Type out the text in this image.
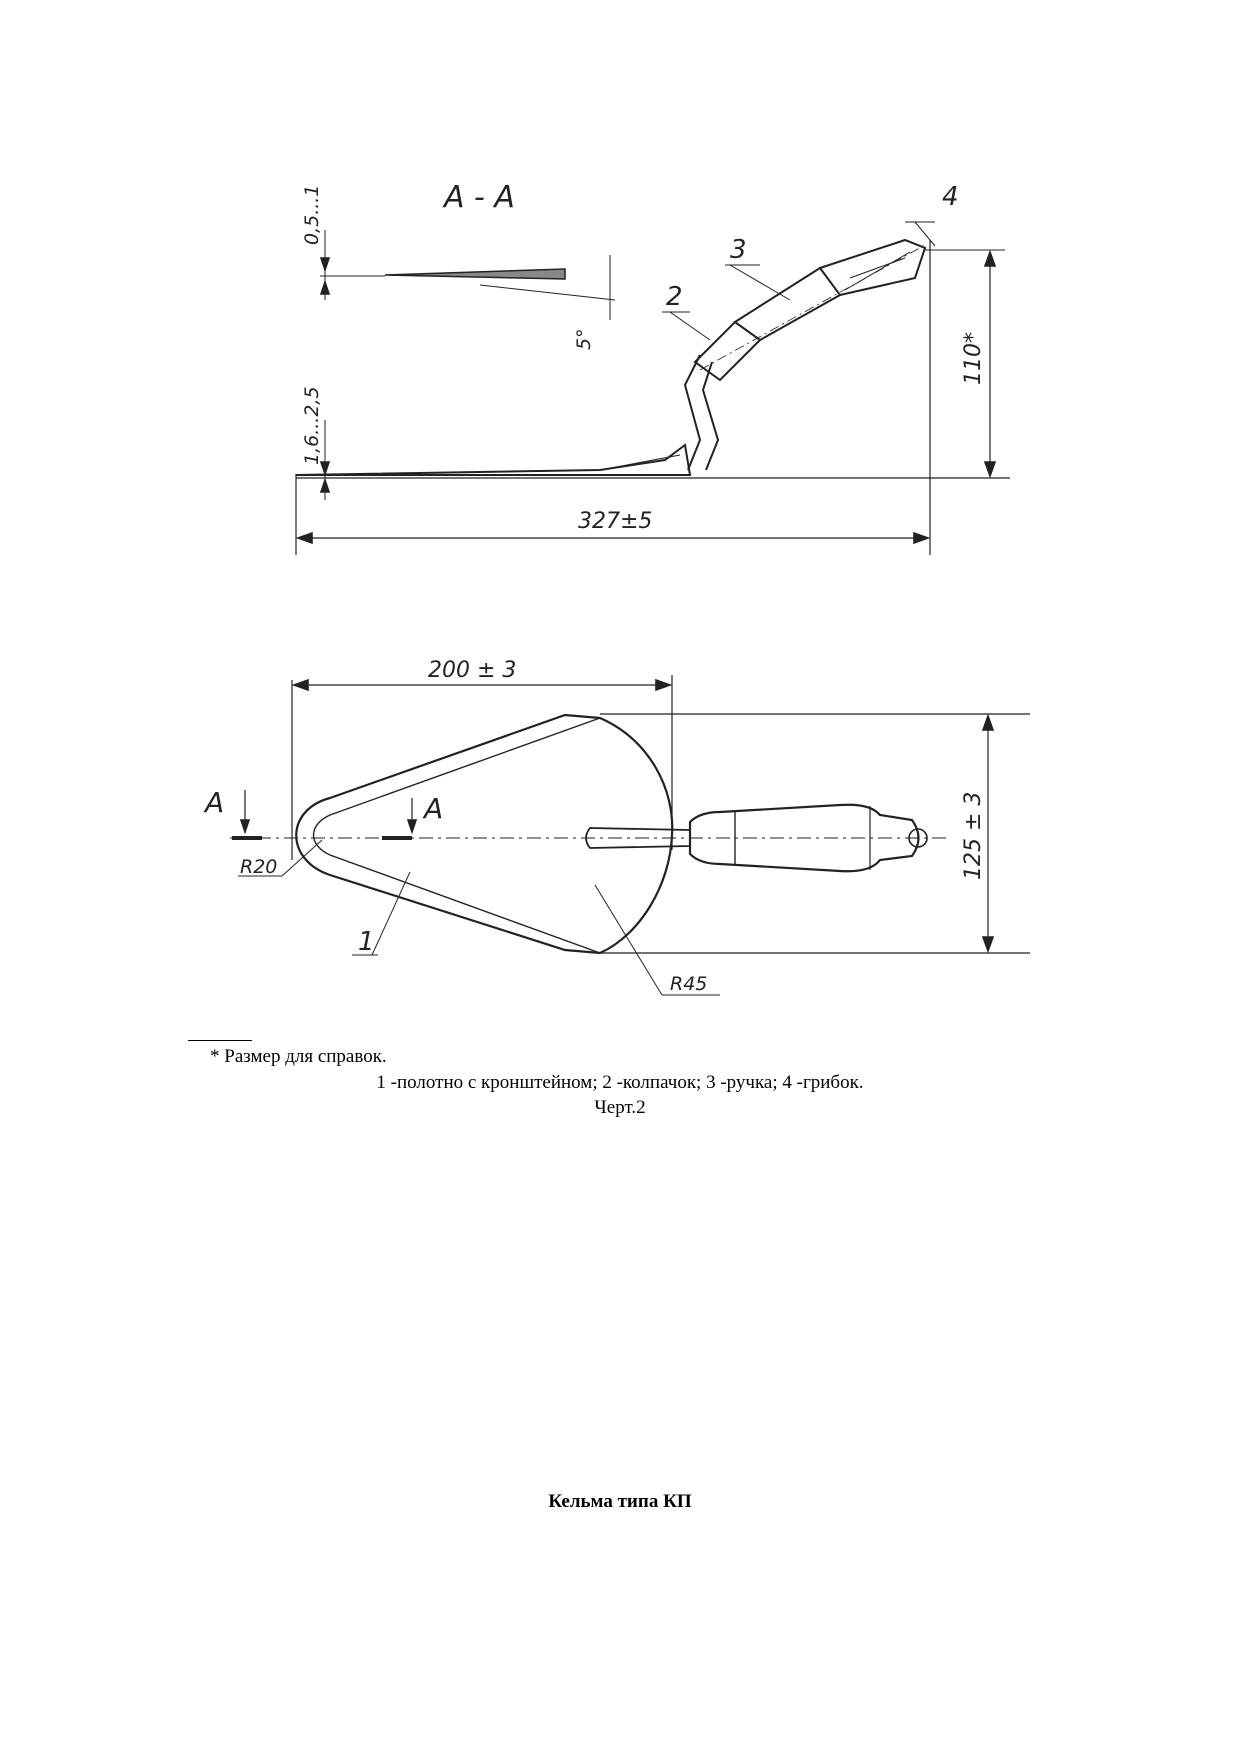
A - A
0,5...1
5°
1,6...2,5
327±5
110*
200 ± 3
125 ± 3
R20
R45
A	A
1
2
3
4
* Размер для справок.
1 -полотно с кронштейном; 2 -колпачок; 3 -ручка; 4 -грибок.
Черт.2
Кельма типа КП
